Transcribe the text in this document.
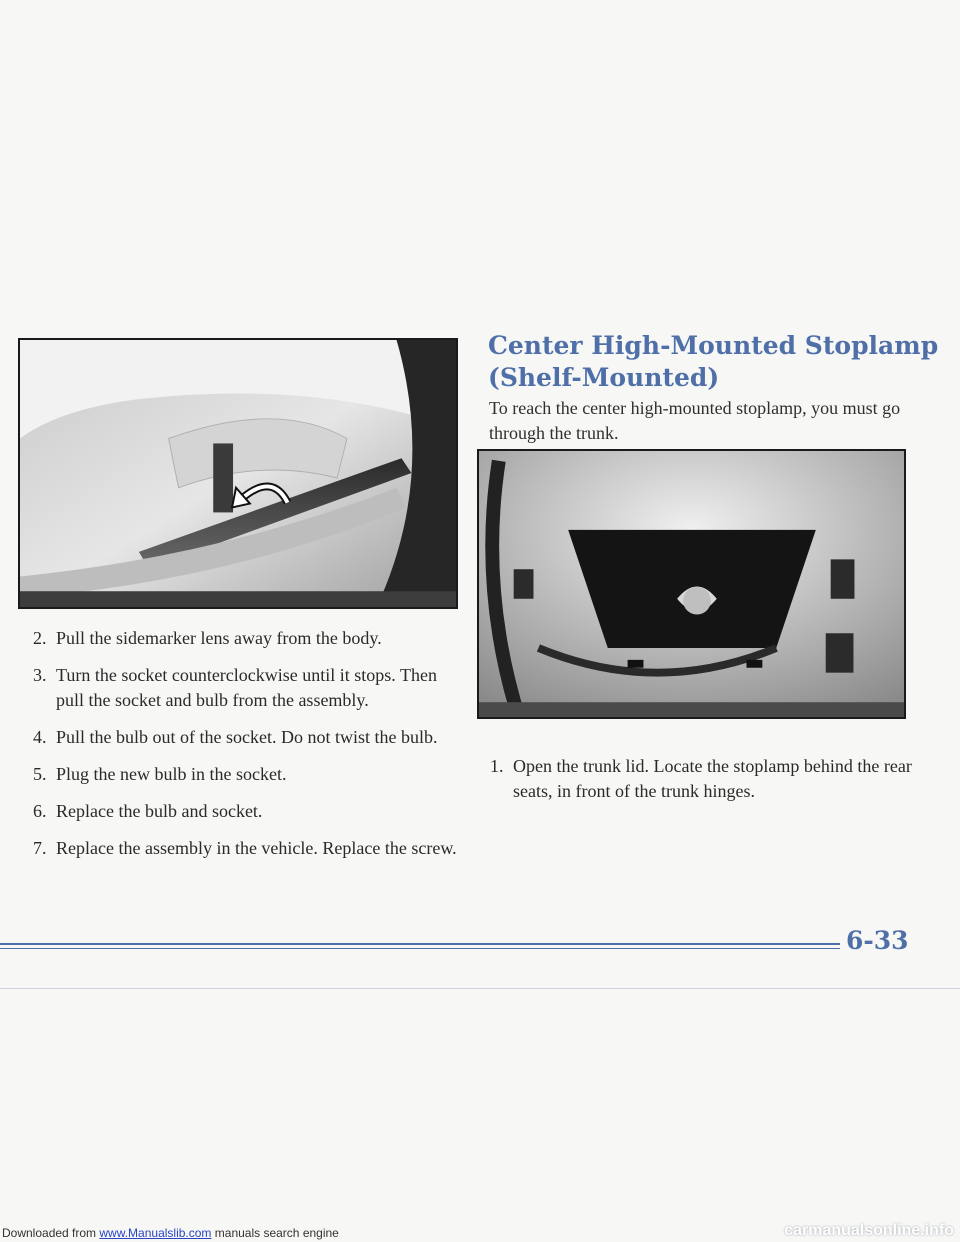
Center High-Mounted Stoplamp
(Shelf-Mounted)

To reach the center high-mounted stoplamp, you must go through the trunk.

2. Pull the sidemarker lens away from the body.
3. Turn the socket counterclockwise until it stops. Then pull the socket and bulb from the assembly.
4. Pull the bulb out of the socket. Do not twist the bulb.
5. Plug the new bulb in the socket.
6. Replace the bulb and socket.
7. Replace the assembly in the vehicle. Replace the screw.
1. Open the trunk lid. Locate the stoplamp behind the rear seats, in front of the trunk hinges.

6-33

Downloaded from www.Manualslib.com manuals search engine	carmanualsonline.info
